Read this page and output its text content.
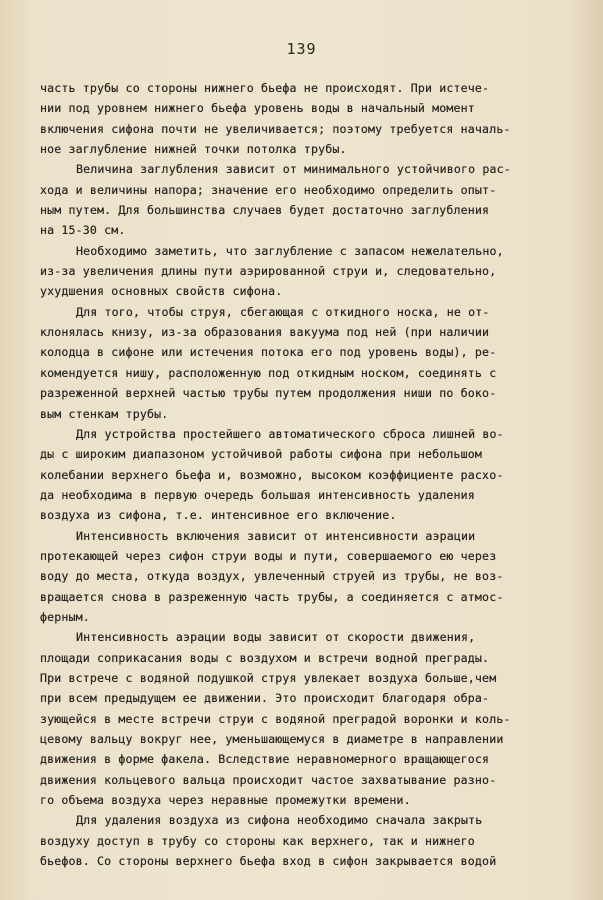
139
часть трубы со стороны нижнего бьефа не происходят. При истече-
нии под уровнем нижнего бьефа уровень воды в начальный момент
включения сифона почти не увеличивается; поэтому требуется началь-
ное заглубление нижней точки потолка трубы.
Величина заглубления зависит от минимального устойчивого рас-
хода и величины напора; значение его необходимо определить опыт-
ным путем. Для большинства случаев будет достаточно заглубления
на 15-30 см.
Необходимо заметить, что заглубление с запасом нежелательно,
из-за увеличения длины пути аэрированной струи и, следовательно,
ухудшения основных свойств сифона.
Для того, чтобы струя, сбегающая с откидного носка, не от-
клонялась книзу, из-за образования вакуума под ней (при наличии
колодца в сифоне или истечения потока его под уровень воды), ре-
комендуется нишу, расположенную под откидным носком, соединять с
разреженной верхней частью трубы путем продолжения ниши по боко-
вым стенкам трубы.
Для устройства простейшего автоматического сброса лишней во-
ды с широким диапазоном устойчивой работы сифона при небольшом
колебании верхнего бьефа и, возможно, высоком коэффициенте расхо-
да необходима в первую очередь большая интенсивность удаления
воздуха из сифона, т.е. интенсивное его включение.
Интенсивность включения зависит от интенсивности аэрации
протекающей через сифон струи воды и пути, совершаемого ею через
воду до места, откуда воздух, увлеченный струей из трубы, не воз-
вращается снова в разреженную часть трубы, а соединяется с атмос-
ферным.
Интенсивность аэрации воды зависит от скорости движения,
площади соприкасания воды с воздухом и встречи водной преграды.
При встрече с водяной подушкой струя увлекает воздуха больше,чем
при всем предыдущем ее движении. Это происходит благодаря обра-
зующейся в месте встречи струи с водяной преградой воронки и коль-
цевому вальцу вокруг нее, уменьшающемуся в диаметре в направлении
движения в форме факела. Вследствие неравномерного вращающегося
движения кольцевого вальца происходит частое захватывание разно-
го объема воздуха через неравные промежутки времени.
Для удаления воздуха из сифона необходимо сначала закрыть
воздуху доступ в трубу со стороны как верхнего, так и нижнего
бьефов. Со стороны верхнего бьефа вход в сифон закрывается водой
